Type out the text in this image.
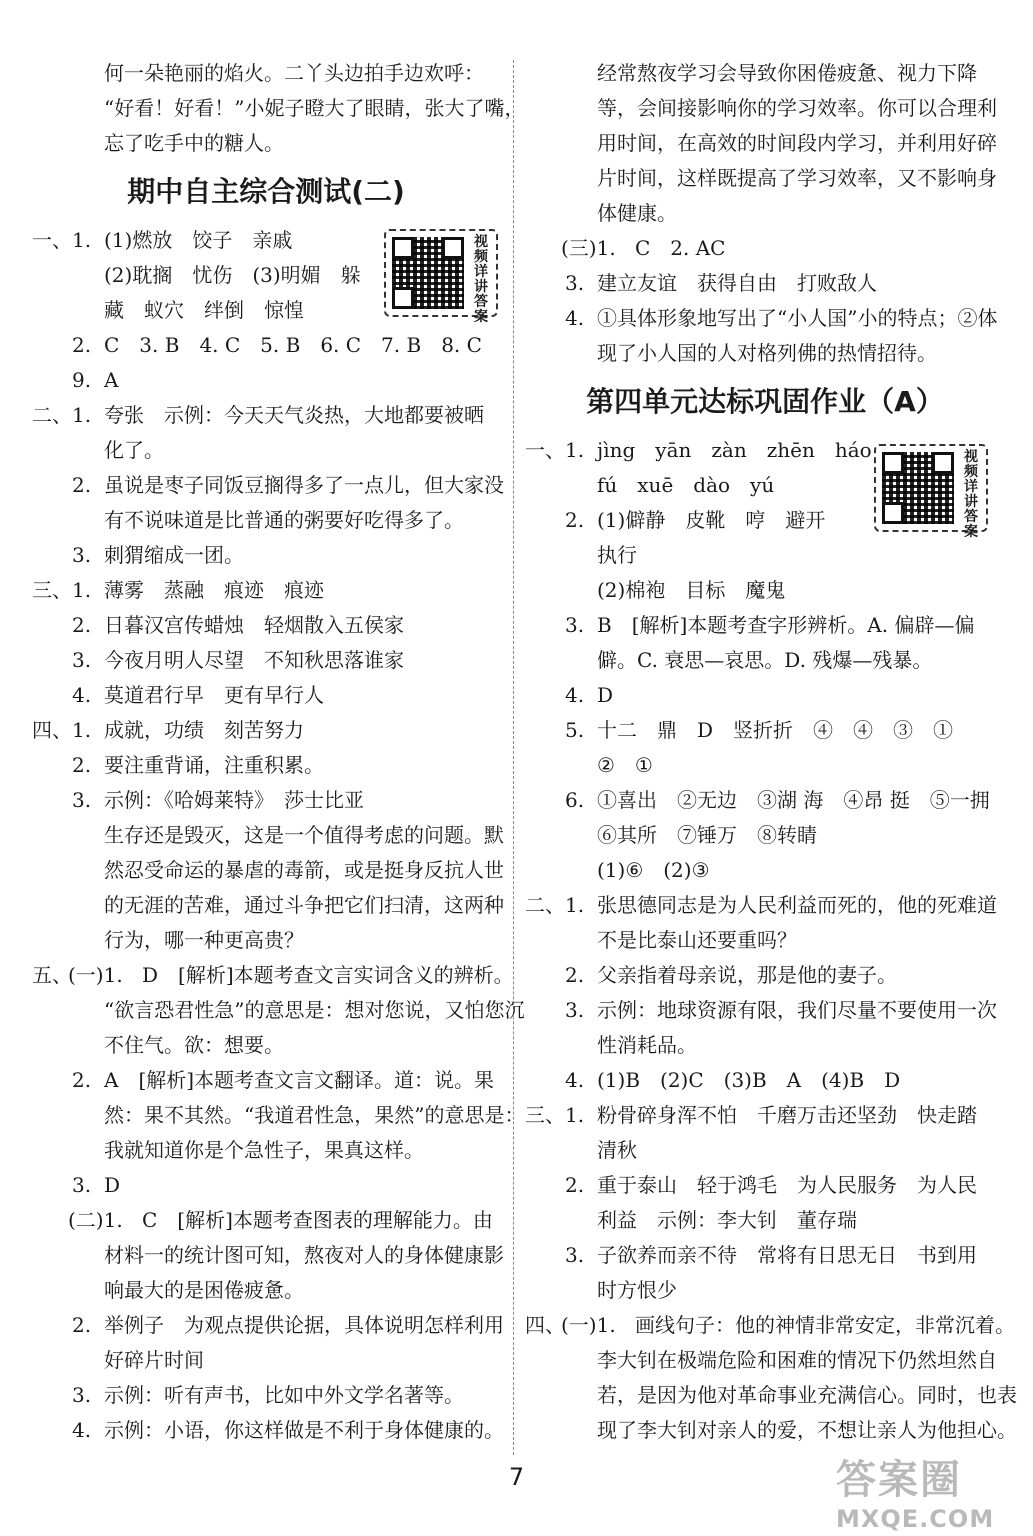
何一朵艳丽的焰火。二丫头边拍手边欢呼：
“好看！好看！”小妮子瞪大了眼睛，张大了嘴，
忘了吃手中的糖人。
期中自主综合测试(二)
一、 1. (1)燃放　饺子　亲戚
(2)耽搁　忧伤　(3)明媚　躲
藏　蚁穴　绊倒　惊惶
2. C　3. B　4. C　5. B　6. C　7. B　8. C
9. A
二、 1. 夸张　示例：今天天气炎热，大地都要被晒
化了。
2. 虽说是枣子同饭豆搁得多了一点儿，但大家没
有不说味道是比普通的粥要好吃得多了。
3. 刺猬缩成一团。
三、 1. 薄雾　蒸融　痕迹　痕迹
2. 日暮汉宫传蜡烛　轻烟散入五侯家
3. 今夜月明人尽望　不知秋思落谁家
4. 莫道君行早　更有早行人
四、 1. 成就，功绩　刻苦努力
2. 要注重背诵，注重积累。
3. 示例：《哈姆莱特》　莎士比亚
生存还是毁灭，这是一个值得考虑的问题。默
然忍受命运的暴虐的毒箭，或是挺身反抗人世
的无涯的苦难，通过斗争把它们扫清，这两种
行为，哪一种更高贵？
五、
(一)1. D　[解析]本题考查文言实词含义的辨析。
“欲言恐君性急”的意思是：想对您说，又怕您沉
不住气。欲：想要。
2. A　[解析]本题考查文言文翻译。道：说。果
然：果不其然。“我道君性急，果然”的意思是：
我就知道你是个急性子，果真这样。
3. D
(二)1. C　[解析]本题考查图表的理解能力。由
材料一的统计图可知，熬夜对人的身体健康影
响最大的是困倦疲惫。
2. 举例子　为观点提供论据，具体说明怎样利用
好碎片时间
3. 示例：听有声书，比如中外文学名著等。
4. 示例：小语，你这样做是不利于身体健康的。
经常熬夜学习会导致你困倦疲惫、视力下降
等，会间接影响你的学习效率。你可以合理利
用时间，在高效的时间段内学习，并利用好碎
片时间，这样既提高了学习效率，又不影响身
体健康。
(三)1. C　2. AC
3. 建立友谊　获得自由　打败敌人
4. ①具体形象地写出了“小人国”小的特点；②体
现了小人国的人对格列佛的热情招待。
第四单元达标巩固作业（A）
一、 1. jìng　yān　zàn　zhēn　háo
fú　xuē　dào　yú
2. (1)僻静　皮靴　哼　避开
执行
(2)棉袍　目标　魔鬼
3. B　[解析]本题考查字形辨析。A. 偏辟—偏
僻。C. 衰思—哀思。D. 残爆—残暴。
4. D
5. 十二　鼎　D　竖折折　④　④　③　①
②　①
6. ①喜出　②无边　③湖 海　④昂 挺　⑤一拥
⑥其所　⑦锤万　⑧转睛
(1)⑥　(2)③
二、 1. 张思德同志是为人民利益而死的，他的死难道
不是比泰山还要重吗？
2. 父亲指着母亲说，那是他的妻子。
3. 示例：地球资源有限，我们尽量不要使用一次
性消耗品。
4. (1)B　(2)C　(3)B　A　(4)B　D
三、 1. 粉骨碎身浑不怕　千磨万击还坚劲　快走踏
清秋
2. 重于泰山　轻于鸿毛　为人民服务　为人民
利益　示例：李大钊　董存瑞
3. 子欲养而亲不待　常将有日思无日　书到用
时方恨少
四、
(一)1. 画线句子：他的神情非常安定，非常沉着。
李大钊在极端危险和困难的情况下仍然坦然自
若，是因为他对革命事业充满信心。同时，也表
现了李大钊对亲人的爱，不想让亲人为他担心。
视频详讲答案
视频详讲答案
7	答案圈
MXQE.COM
